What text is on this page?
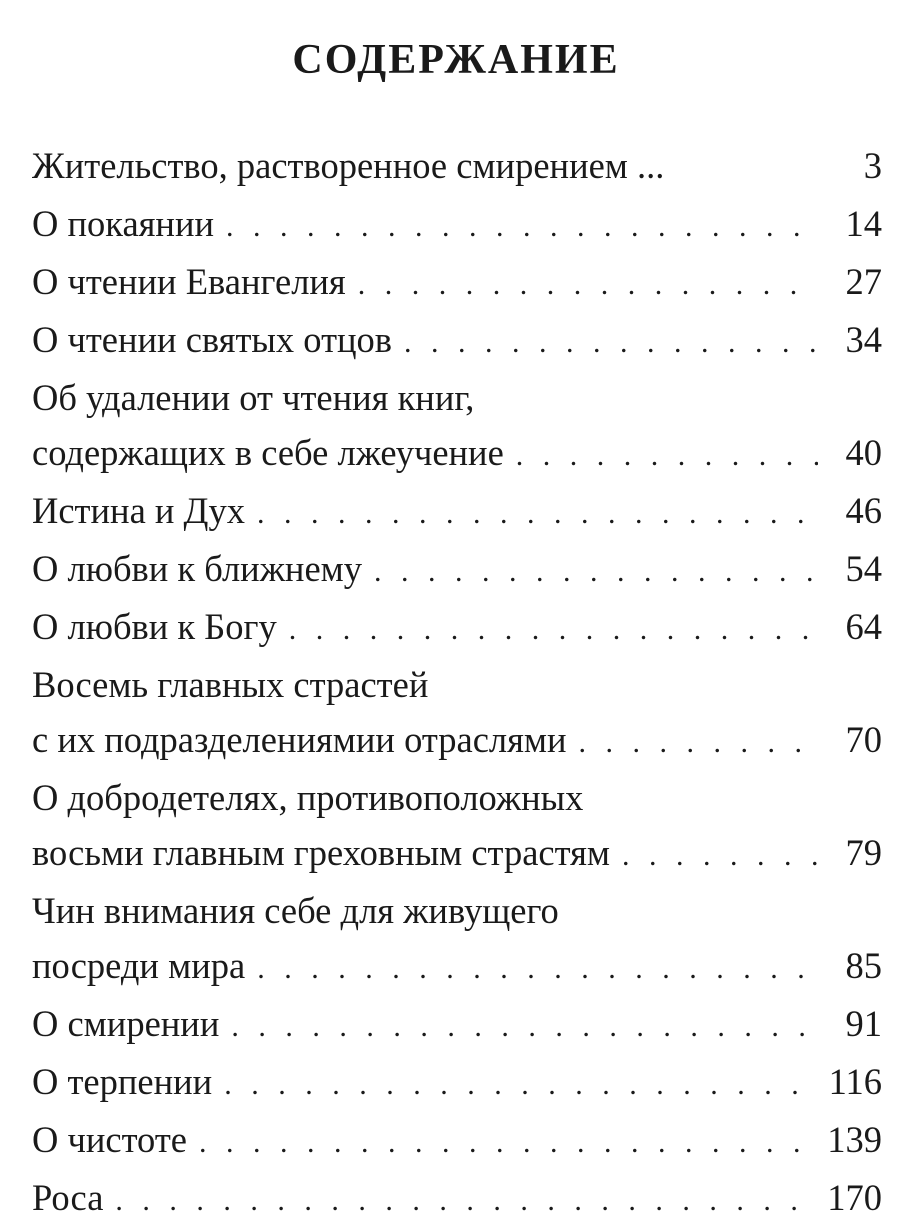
СОДЕРЖАНИЕ
Жительство, растворенное смирением ...	3
О покаянии . . .	14
О чтении Евангелия . . .	27
О чтении святых отцов . . .	34
Об удалении от чтения книг,
содержащих в себе лжеучение . . .	40
Истина и Дух . . .	46
О любви к ближнему . . .	54
О любви к Богу . . .	64
Восемь главных страстей
с их подразделениямии отраслями . . .	70
О добродетелях, противоположных
восьми главным греховным страстям . . .	79
Чин внимания себе для живущего
посреди мира . . .	85
О смирении . . .	91
О терпении . . .	116
О чистоте . . .	139
Роса . . .	170
